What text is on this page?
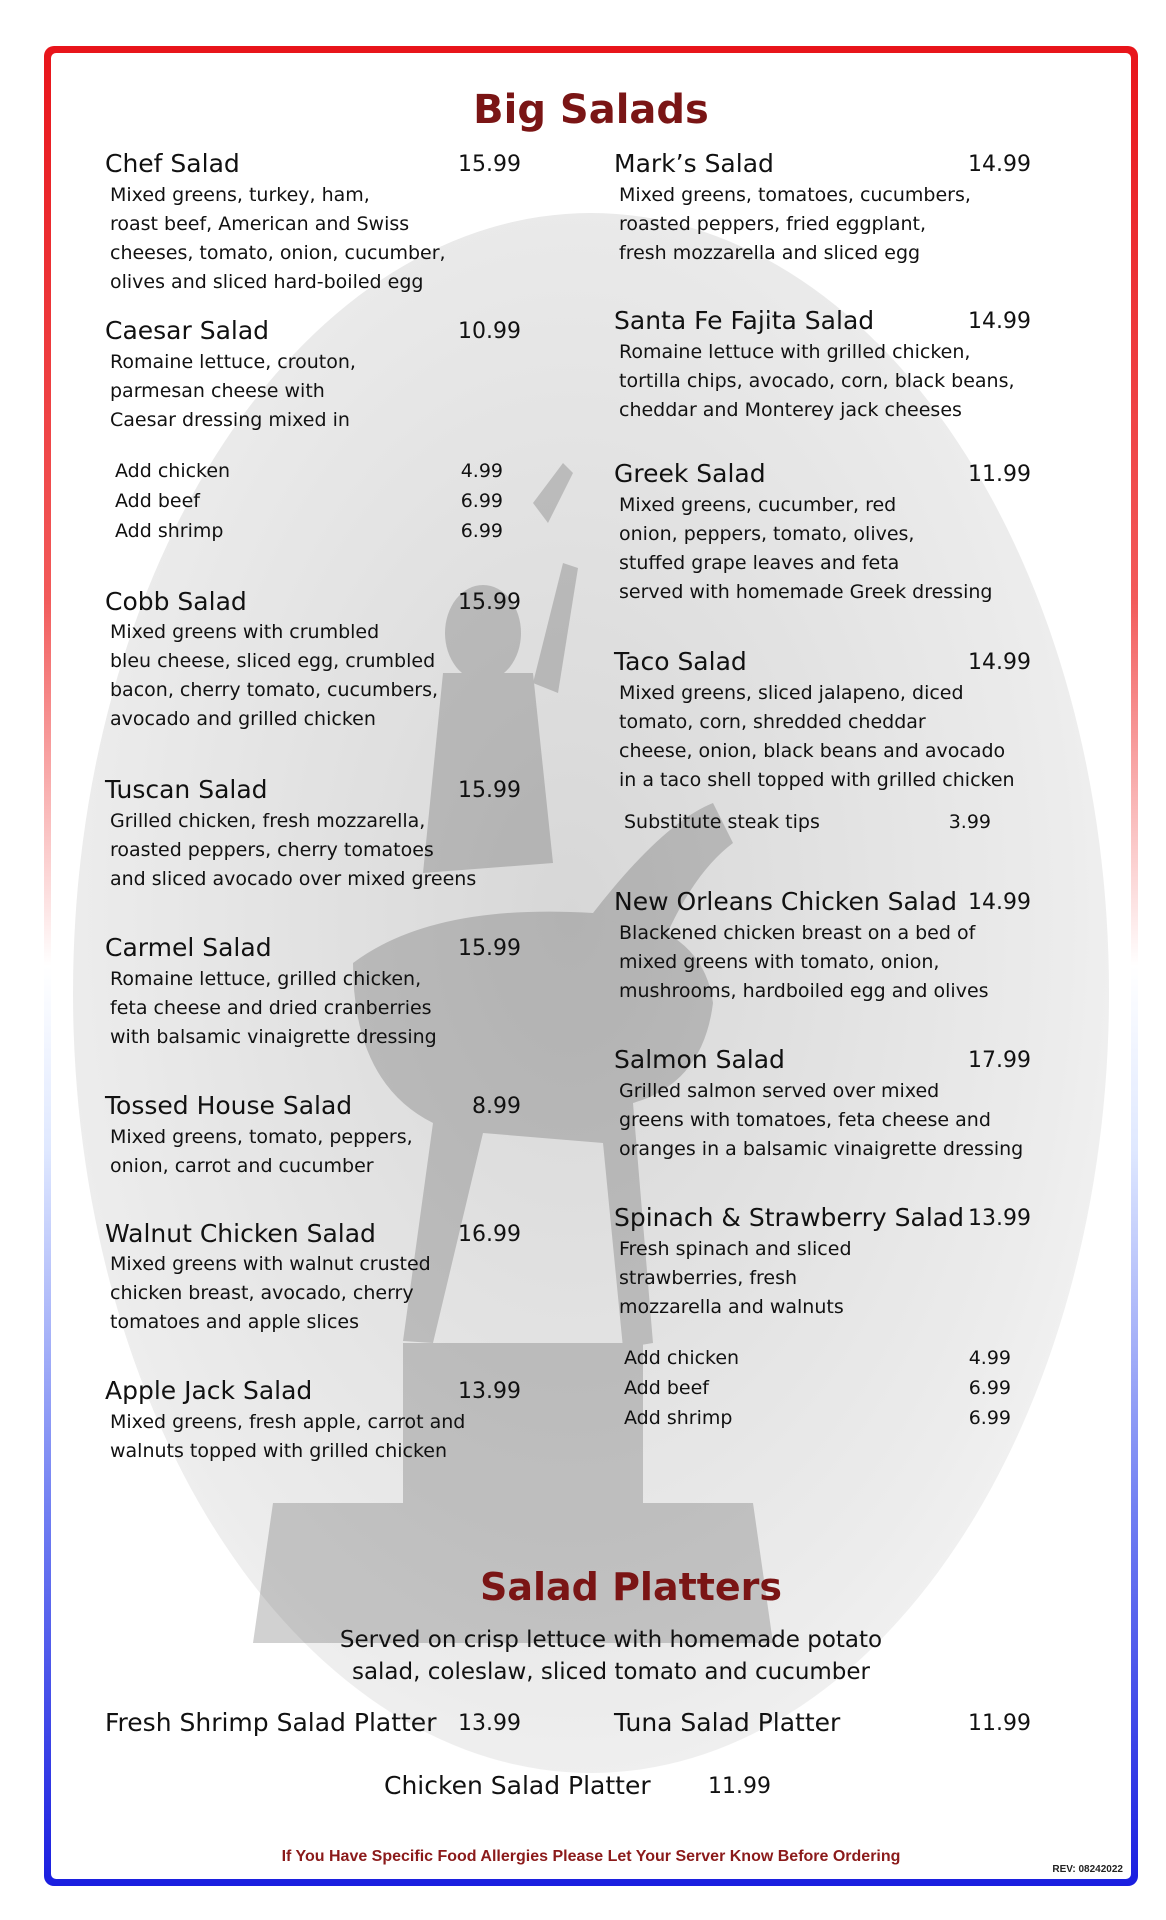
Big Salads
Chef Salad	15.99
Mixed greens, turkey, ham,
roast beef, American and Swiss
cheeses, tomato, onion, cucumber,
olives and sliced hard-boiled egg
Caesar Salad	10.99
Romaine lettuce, crouton,
parmesan cheese with
Caesar dressing mixed in
Add chicken	4.99
Add beef	6.99
Add shrimp	6.99
Cobb Salad	15.99
Mixed greens with crumbled
bleu cheese, sliced egg, crumbled
bacon, cherry tomato, cucumbers,
avocado and grilled chicken
Tuscan Salad	15.99
Grilled chicken, fresh mozzarella,
roasted peppers, cherry tomatoes
and sliced avocado over mixed greens
Carmel Salad	15.99
Romaine lettuce, grilled chicken,
feta cheese and dried cranberries
with balsamic vinaigrette dressing
Tossed House Salad	8.99
Mixed greens, tomato, peppers,
onion, carrot and cucumber
Walnut Chicken Salad	16.99
Mixed greens with walnut crusted
chicken breast, avocado, cherry
tomatoes and apple slices
Apple Jack Salad	13.99
Mixed greens, fresh apple, carrot and
walnuts topped with grilled chicken
Mark’s Salad	14.99
Mixed greens, tomatoes, cucumbers,
roasted peppers, fried eggplant,
fresh mozzarella and sliced egg
Santa Fe Fajita Salad	14.99
Romaine lettuce with grilled chicken,
tortilla chips, avocado, corn, black beans,
cheddar and Monterey jack cheeses
Greek Salad	11.99
Mixed greens, cucumber, red
onion, peppers, tomato, olives,
stuffed grape leaves and feta
served with homemade Greek dressing
Taco Salad	14.99
Mixed greens, sliced jalapeno, diced
tomato, corn, shredded cheddar
cheese, onion, black beans and avocado
in a taco shell topped with grilled chicken
Substitute steak tips	3.99
New Orleans Chicken Salad 14.99
Blackened chicken breast on a bed of
mixed greens with tomato, onion,
mushrooms, hardboiled egg and olives
Salmon Salad	17.99
Grilled salmon served over mixed
greens with tomatoes, feta cheese and
oranges in a balsamic vinaigrette dressing
Spinach & Strawberry Salad 13.99
Fresh spinach and sliced
strawberries, fresh
mozzarella and walnuts
Add chicken	4.99
Add beef	6.99
Add shrimp	6.99
Salad Platters
Served on crisp lettuce with homemade potato
salad, coleslaw, sliced tomato and cucumber
Fresh Shrimp Salad Platter 13.99	Tuna Salad Platter	11.99
Chicken Salad Platter	11.99
If You Have Specific Food Allergies Please Let Your Server Know Before Ordering
REV: 08242022
